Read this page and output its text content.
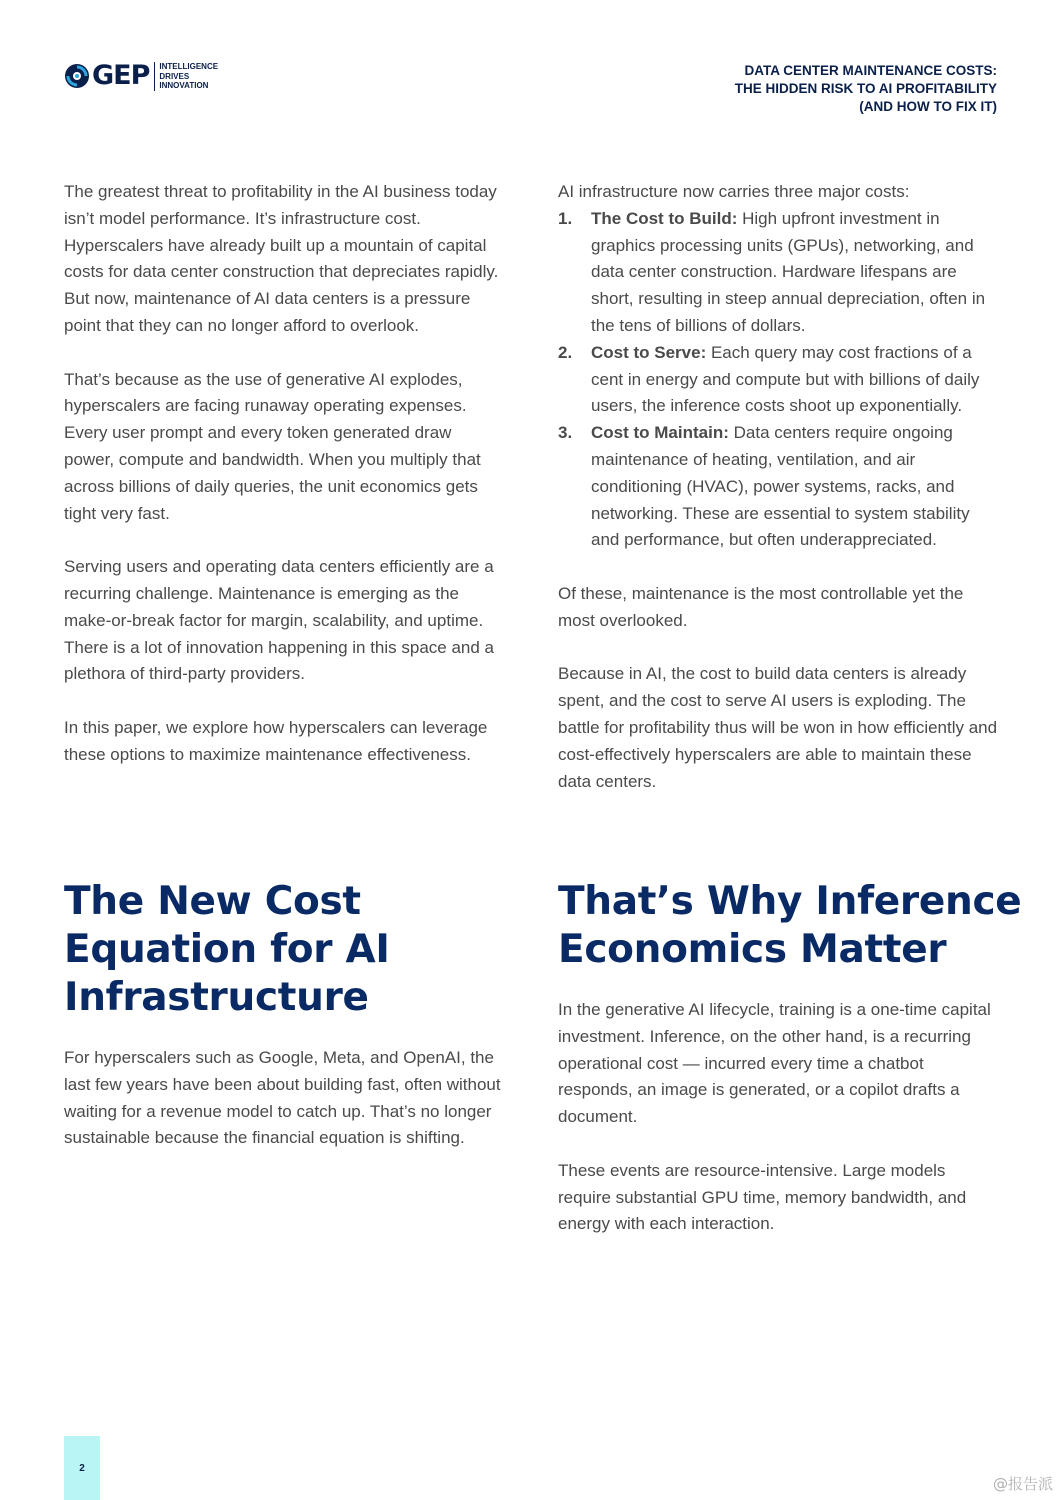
GEP INTELLIGENCE
DRIVES
INNOVATION
DATA CENTER MAINTENANCE COSTS:
THE HIDDEN RISK TO AI PROFITABILITY
(AND HOW TO FIX IT)

The greatest threat to profitability in the AI business today isn’t model performance. It’s infrastructure cost. Hyperscalers have already built up a mountain of capital costs for data center construction that depreciates rapidly. But now, maintenance of AI data centers is a pressure point that they can no longer afford to overlook.

That’s because as the use of generative AI explodes, hyperscalers are facing runaway operating expenses. Every user prompt and every token generated draw power, compute and bandwidth. When you multiply that across billions of daily queries, the unit economics gets tight very fast.

Serving users and operating data centers efficiently are a recurring challenge. Maintenance is emerging as the make-or-break factor for margin, scalability, and uptime. There is a lot of innovation happening in this space and a plethora of third-party providers.

In this paper, we explore how hyperscalers can leverage these options to maximize maintenance effectiveness.

AI infrastructure now carries three major costs:
1. The Cost to Build: High upfront investment in graphics processing units (GPUs), networking, and data center construction. Hardware lifespans are short, resulting in steep annual depreciation, often in the tens of billions of dollars.
2. Cost to Serve: Each query may cost fractions of a cent in energy and compute but with billions of daily users, the inference costs shoot up exponentially.
3. Cost to Maintain: Data centers require ongoing maintenance of heating, ventilation, and air conditioning (HVAC), power systems, racks, and networking. These are essential to system stability and performance, but often underappreciated.

Of these, maintenance is the most controllable yet the most overlooked.

Because in AI, the cost to build data centers is already spent, and the cost to serve AI users is exploding. The battle for profitability thus will be won in how efficiently and cost-effectively hyperscalers are able to maintain these data centers.

The New Cost
Equation for AI
Infrastructure

For hyperscalers such as Google, Meta, and OpenAI, the last few years have been about building fast, often without waiting for a revenue model to catch up. That’s no longer sustainable because the financial equation is shifting.

That’s Why Inference
Economics Matter

In the generative AI lifecycle, training is a one-time capital investment. Inference, on the other hand, is a recurring operational cost — incurred every time a chatbot responds, an image is generated, or a copilot drafts a document.

These events are resource-intensive. Large models require substantial GPU time, memory bandwidth, and energy with each interaction.

2
@报告派
